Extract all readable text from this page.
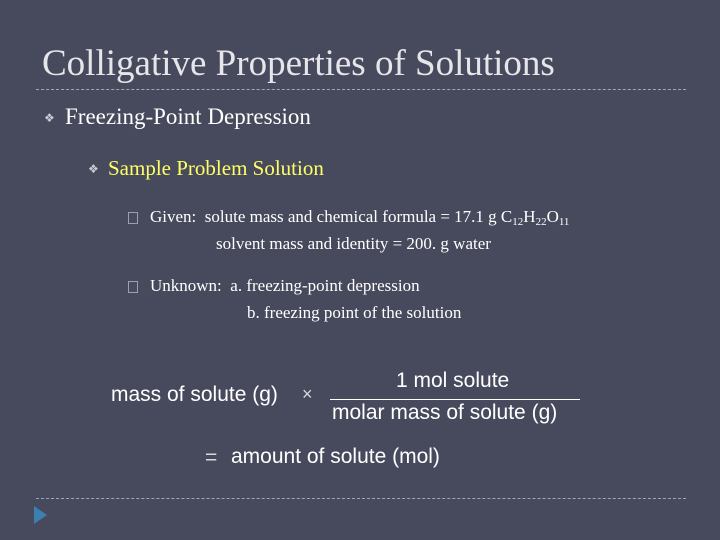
Colligative Properties of Solutions
❖ Freezing-Point Depression
❖ Sample Problem Solution
Given: solute mass and chemical formula = 17.1 g $C_{12}H_{22}O_{11}$
solvent mass and identity = 200. g water
Unknown: a. freezing-point depression
b. freezing point of the solution
mass of solute (g) ×
1 mol solute
molar mass of solute (g)
= amount of solute (mol)
